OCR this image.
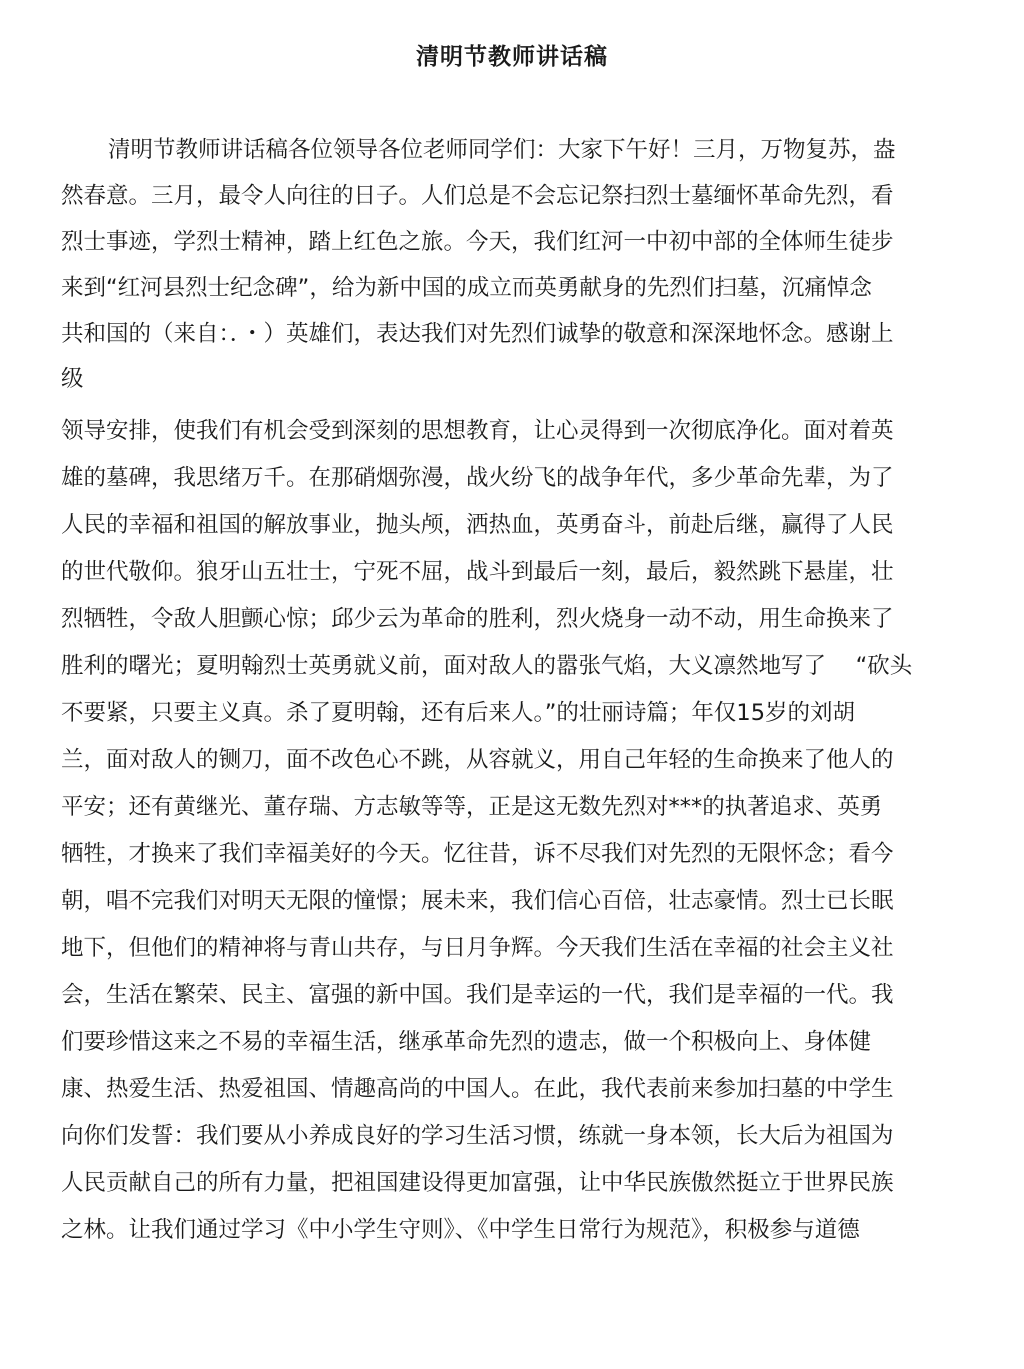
清明节教师讲话稿
清明节教师讲话稿各位领导各位老师同学们：大家下午好！三月，万物复苏，盎
然春意。三月，最令人向往的日子。人们总是不会忘记祭扫烈士墓缅怀革命先烈，看
烈士事迹，学烈士精神，踏上红色之旅。今天，我们红河一中初中部的全体师生徒步
来到“红河县烈士纪念碑”，给为新中国的成立而英勇献身的先烈们扫墓，沉痛悼念
共和国的（来自：．・）英雄们，表达我们对先烈们诚挚的敬意和深深地怀念。感谢上
级
领导安排，使我们有机会受到深刻的思想教育，让心灵得到一次彻底净化。面对着英
雄的墓碑，我思绪万千。在那硝烟弥漫，战火纷飞的战争年代，多少革命先辈，为了
人民的幸福和祖国的解放事业，抛头颅，洒热血，英勇奋斗，前赴后继，赢得了人民
的世代敬仰。狼牙山五壮士，宁死不屈，战斗到最后一刻，最后，毅然跳下悬崖，壮
烈牺牲，令敌人胆颤心惊；邱少云为革命的胜利，烈火烧身一动不动，用生命换来了
胜利的曙光；夏明翰烈士英勇就义前，面对敌人的嚣张气焰，大义凛然地写了　 “砍头
不要紧，只要主义真。杀了夏明翰，还有后来人。”的壮丽诗篇；年仅15岁的刘胡
兰，面对敌人的铡刀，面不改色心不跳，从容就义，用自己年轻的生命换来了他人的
平安；还有黄继光、董存瑞、方志敏等等，正是这无数先烈对***的执著追求、英勇
牺牲，才换来了我们幸福美好的今天。忆往昔，诉不尽我们对先烈的无限怀念；看今
朝，唱不完我们对明天无限的憧憬；展未来，我们信心百倍，壮志豪情。烈士已长眠
地下，但他们的精神将与青山共存，与日月争辉。今天我们生活在幸福的社会主义社
会，生活在繁荣、民主、富强的新中国。我们是幸运的一代，我们是幸福的一代。我
们要珍惜这来之不易的幸福生活，继承革命先烈的遗志，做一个积极向上、身体健
康、热爱生活、热爱祖国、情趣高尚的中国人。在此，我代表前来参加扫墓的中学生
向你们发誓：我们要从小养成良好的学习生活习惯，练就一身本领，长大后为祖国为
人民贡献自己的所有力量，把祖国建设得更加富强，让中华民族傲然挺立于世界民族
之林。让我们通过学习《中小学生守则》、《中学生日常行为规范》，积极参与道德
